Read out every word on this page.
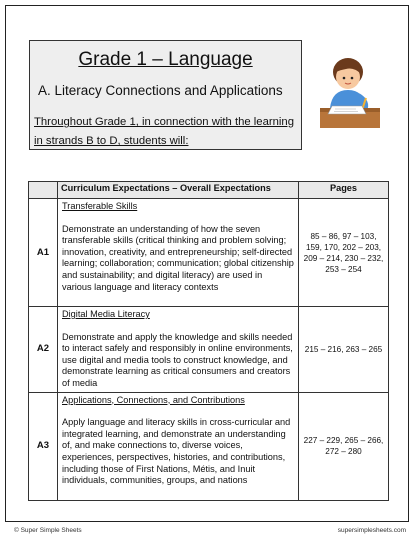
Grade 1 – Language
A. Literacy Connections and Applications
Throughout Grade 1, in connection with the learning
in strands B to D, students will:
	Curriculum Expectations – Overall Expectations	Pages
A1	Transferable Skills
Demonstrate an understanding of how the seven transferable skills (critical thinking and problem solving; innovation, creativity, and entrepreneurship; self-directed learning; collaboration; communication; global citizenship and sustainability; and digital literacy) are used in various language and literacy contexts	85 – 86, 97 – 103, 159, 170, 202 – 203, 209 – 214, 230 – 232, 253 – 254
A2	Digital Media Literacy
Demonstrate and apply the knowledge and skills needed to interact safely and responsibly in online environments, use digital and media tools to construct knowledge, and demonstrate learning as critical consumers and creators of media	215 – 216, 263 – 265
A3	Applications, Connections, and Contributions
Apply language and literacy skills in cross-curricular and integrated learning, and demonstrate an understanding of, and make connections to, diverse voices, experiences, perspectives, histories, and contributions, including those of First Nations, Métis, and Inuit individuals, communities, groups, and nations	227 – 229, 265 – 266, 272 – 280
© Super Simple Sheets	supersimplesheets.com
